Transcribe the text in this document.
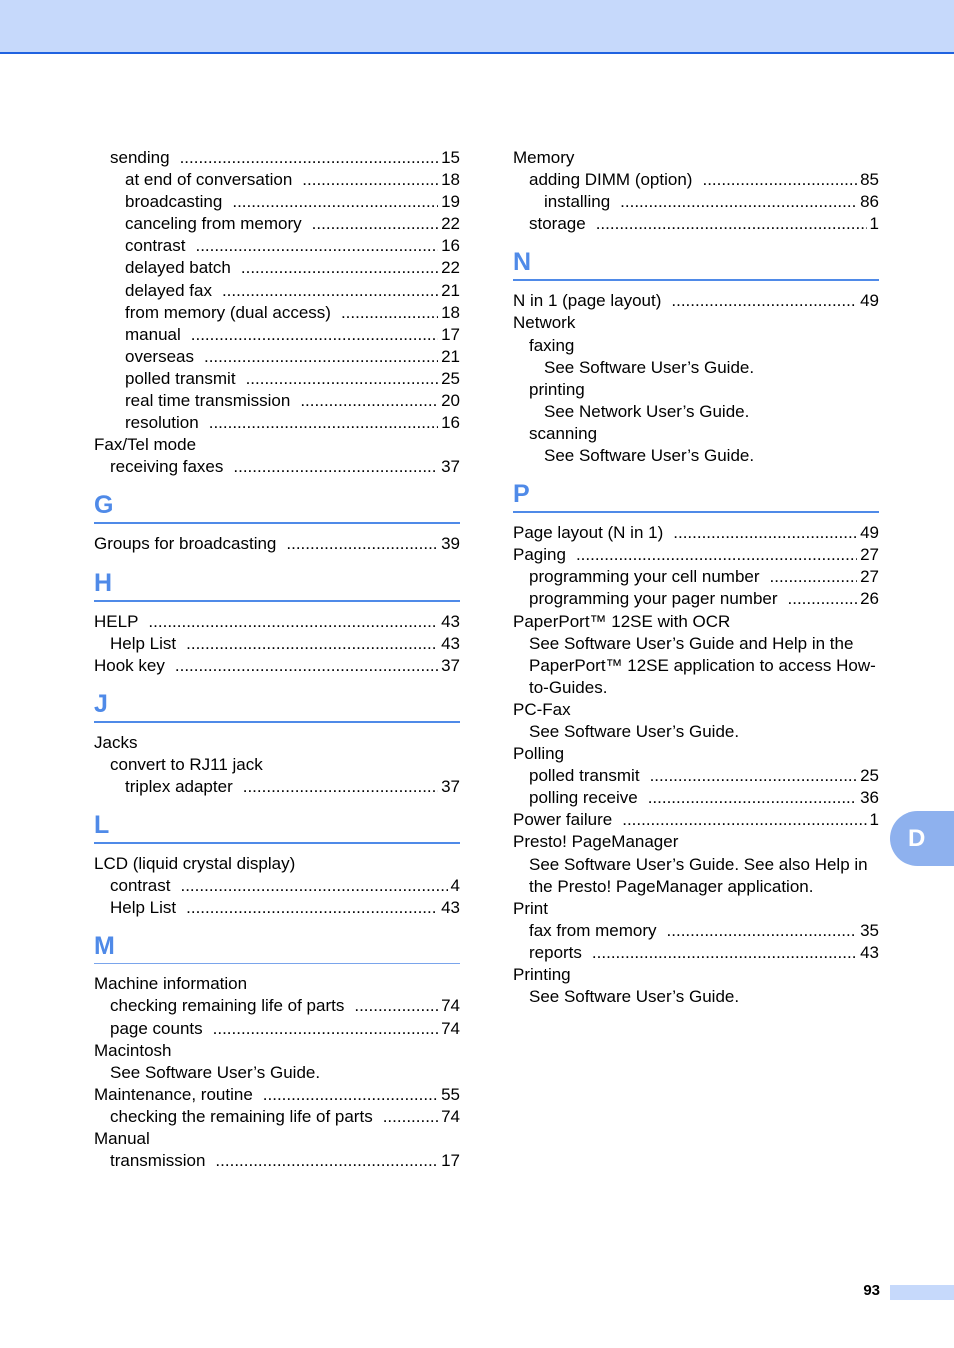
sending .....	15
at end of conversation .....	18
broadcasting .....	19
canceling from memory .....	22
contrast .....	16
delayed batch .....	22
delayed fax .....	21
from memory (dual access) .....	18
manual .....	17
overseas .....	21
polled transmit .....	25
real time transmission .....	20
resolution .....	16
Fax/Tel mode
receiving faxes .....	37
G
Groups for broadcasting .....	39
H
HELP .....	43
Help List .....	43
Hook key .....	37
J
Jacks
convert to RJ11 jack
triplex adapter .....	37
L
LCD (liquid crystal display)
contrast .....	4
Help List .....	43
M
Machine information
checking remaining life of parts .....	74
page counts .....	74
Macintosh
See Software User’s Guide.
Maintenance, routine .....	55
checking the remaining life of parts .....	74
Manual
transmission .....	17
Memory
adding DIMM (option) .....	85
installing .....	86
storage .....	1
N
N in 1 (page layout) .....	49
Network
faxing
See Software User’s Guide.
printing
See Network User’s Guide.
scanning
See Software User’s Guide.
P
Page layout (N in 1) .....	49
Paging .....	27
programming your cell number .....	27
programming your pager number .....	26
PaperPort™ 12SE with OCR
See Software User’s Guide and Help in the PaperPort™ 12SE application to access How-to-Guides.
PC-Fax
See Software User’s Guide.
Polling
polled transmit .....	25
polling receive .....	36
Power failure .....	1
Presto! PageManager
See Software User’s Guide. See also Help in the Presto! PageManager application.
Print
fax from memory .....	35
reports .....	43
Printing
See Software User’s Guide.
D
93
